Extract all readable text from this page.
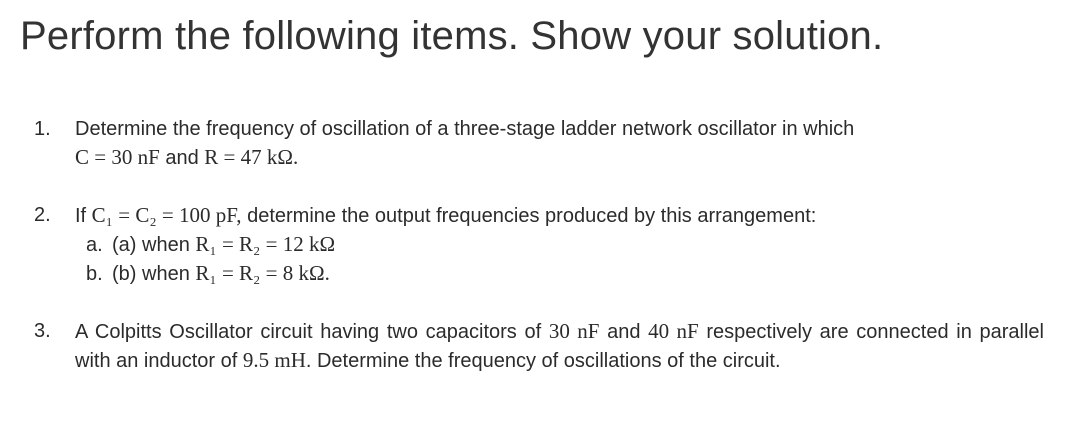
Perform the following items. Show your solution.
1. Determine the frequency of oscillation of a three-stage ladder network oscillator in which
C = 30 nF and R = 47 kΩ.
2. If C₁ = C₂ = 100 pF, determine the output frequencies produced by this arrangement:
a. (a) when R₁ = R₂ = 12 kΩ
b. (b) when R₁ = R₂ = 8 kΩ.
3. A Colpitts Oscillator circuit having two capacitors of 30 nF and 40 nF respectively are connected in parallel with an inductor of 9.5 mH. Determine the frequency of oscillations of the circuit.
